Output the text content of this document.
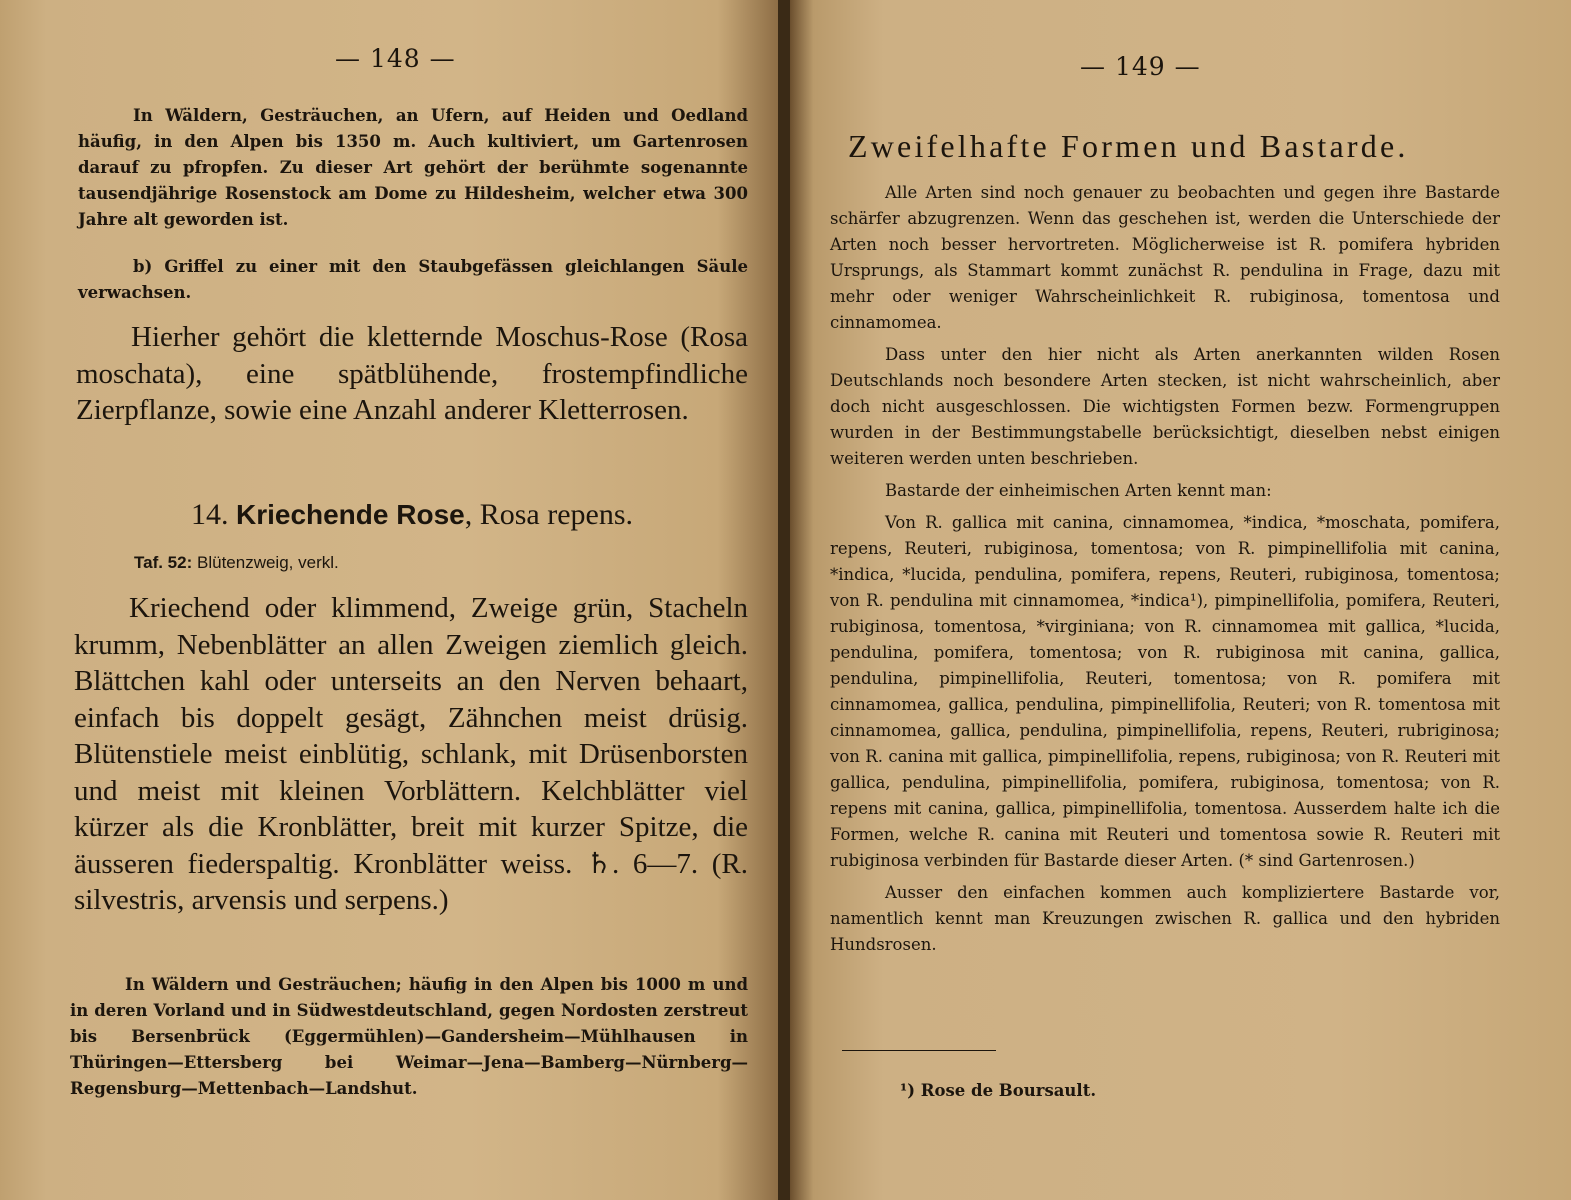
— 148 —

In Wäldern, Gesträuchen, an Ufern, auf Heiden und Oedland häufig, in den Alpen bis 1350 m. Auch kultiviert, um Gartenrosen darauf zu pfropfen. Zu dieser Art gehört der berühmte sogenannte tausendjährige Rosenstock am Dome zu Hildesheim, welcher etwa 300 Jahre alt geworden ist.

b) Griffel zu einer mit den Staubgefässen gleichlangen Säule verwachsen.

Hierher gehört die kletternde Moschus-Rose (Rosa moschata), eine spätblühende, frostempfindliche Zierpflanze, sowie eine Anzahl anderer Kletterrosen.

14. Kriechende Rose, Rosa repens.
Taf. 52: Blütenzweig, verkl.

Kriechend oder klimmend, Zweige grün, Stacheln krumm, Nebenblätter an allen Zweigen ziemlich gleich. Blättchen kahl oder unterseits an den Nerven behaart, einfach bis doppelt gesägt, Zähnchen meist drüsig. Blütenstiele meist einblütig, schlank, mit Drüsenborsten und meist mit kleinen Vorblättern. Kelchblätter viel kürzer als die Kronblätter, breit mit kurzer Spitze, die äusseren fiederspaltig. Kronblätter weiss. ♄. 6—7. (R. silvestris, arvensis und serpens.)

In Wäldern und Gesträuchen; häufig in den Alpen bis 1000 m und in deren Vorland und in Südwestdeutschland, gegen Nordosten zerstreut bis Bersenbrück (Eggermühlen)—Gandersheim—Mühlhausen in Thüringen—Ettersberg bei Weimar—Jena—Bamberg—Nürnberg—Regensburg—Mettenbach—Landshut.

— 149 —
Zweifelhafte Formen und Bastarde.

Alle Arten sind noch genauer zu beobachten und gegen ihre Bastarde schärfer abzugrenzen. Wenn das geschehen ist, werden die Unterschiede der Arten noch besser hervortreten. Möglicherweise ist R. pomifera hybriden Ursprungs, als Stammart kommt zunächst R. pendulina in Frage, dazu mit mehr oder weniger Wahrscheinlichkeit R. rubiginosa, tomentosa und cinnamomea.

Dass unter den hier nicht als Arten anerkannten wilden Rosen Deutschlands noch besondere Arten stecken, ist nicht wahrscheinlich, aber doch nicht ausgeschlossen. Die wichtigsten Formen bezw. Formengruppen wurden in der Bestimmungstabelle berücksichtigt, dieselben nebst einigen weiteren werden unten beschrieben.

Bastarde der einheimischen Arten kennt man:

Von R. gallica mit canina, cinnamomea, *indica, *moschata, pomifera, repens, Reuteri, rubiginosa, tomentosa; von R. pimpinellifolia mit canina, *indica, *lucida, pendulina, pomifera, repens, Reuteri, rubiginosa, tomentosa; von R. pendulina mit cinnamomea, *indica¹), pimpinellifolia, pomifera, Reuteri, rubiginosa, tomentosa, *virginiana; von R. cinnamomea mit gallica, *lucida, pendulina, pomifera, tomentosa; von R. rubiginosa mit canina, gallica, pendulina, pimpinellifolia, Reuteri, tomentosa; von R. pomifera mit cinnamomea, gallica, pendulina, pimpinellifolia, Reuteri; von R. tomentosa mit cinnamomea, gallica, pendulina, pimpinellifolia, repens, Reuteri, rubriginosa; von R. canina mit gallica, pimpinellifolia, repens, rubiginosa; von R. Reuteri mit gallica, pendulina, pimpinellifolia, pomifera, rubiginosa, tomentosa; von R. repens mit canina, gallica, pimpinellifolia, tomentosa. Ausserdem halte ich die Formen, welche R. canina mit Reuteri und tomentosa sowie R. Reuteri mit rubiginosa verbinden für Bastarde dieser Arten. (* sind Gartenrosen.)

Ausser den einfachen kommen auch kompliziertere Bastarde vor, namentlich kennt man Kreuzungen zwischen R. gallica und den hybriden Hundsrosen.

¹) Rose de Boursault.
